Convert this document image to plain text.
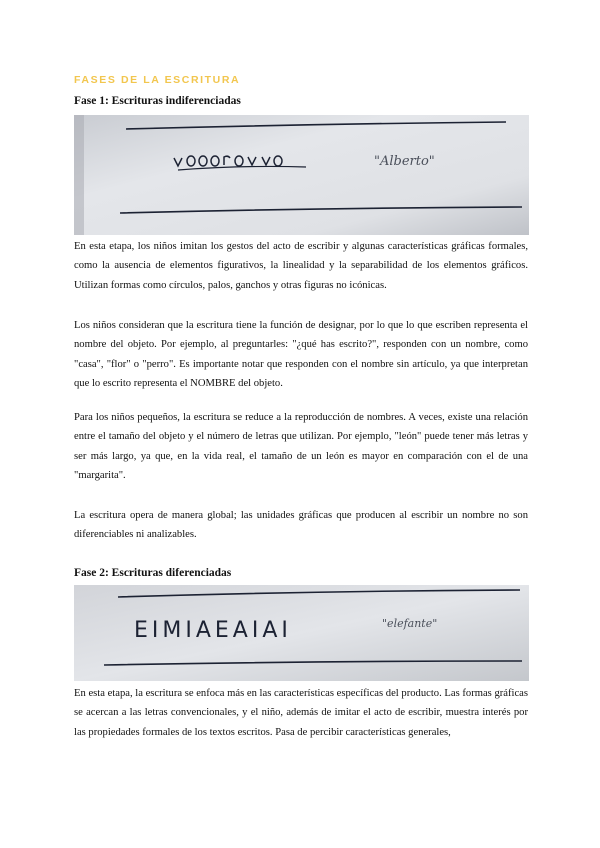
FASES DE LA ESCRITURA
Fase 1: Escrituras indiferenciadas
"Alberto"

En esta etapa, los niños imitan los gestos del acto de escribir y algunas características gráficas formales, como la ausencia de elementos figurativos, la linealidad y la separabilidad de los elementos gráficos. Utilizan formas como círculos, palos, ganchos y otras figuras no icónicas.

Los niños consideran que la escritura tiene la función de designar, por lo que lo que escriben representa el nombre del objeto. Por ejemplo, al preguntarles: "¿qué has escrito?", responden con un nombre, como "casa", "flor" o "perro". Es importante notar que responden con el nombre sin artículo, ya que interpretan que lo escrito representa el NOMBRE del objeto.

Para los niños pequeños, la escritura se reduce a la reproducción de nombres. A veces, existe una relación entre el tamaño del objeto y el número de letras que utilizan. Por ejemplo, "león" puede tener más letras y ser más largo, ya que, en la vida real, el tamaño de un león es mayor en comparación con el de una "margarita".

La escritura opera de manera global; las unidades gráficas que producen al escribir un nombre no son diferenciables ni analizables.

Fase 2: Escrituras diferenciadas
EIMIAEAIAI	"elefante"

En esta etapa, la escritura se enfoca más en las características específicas del producto. Las formas gráficas se acercan a las letras convencionales, y el niño, además de imitar el acto de escribir, muestra interés por las propiedades formales de los textos escritos. Pasa de percibir características generales,
